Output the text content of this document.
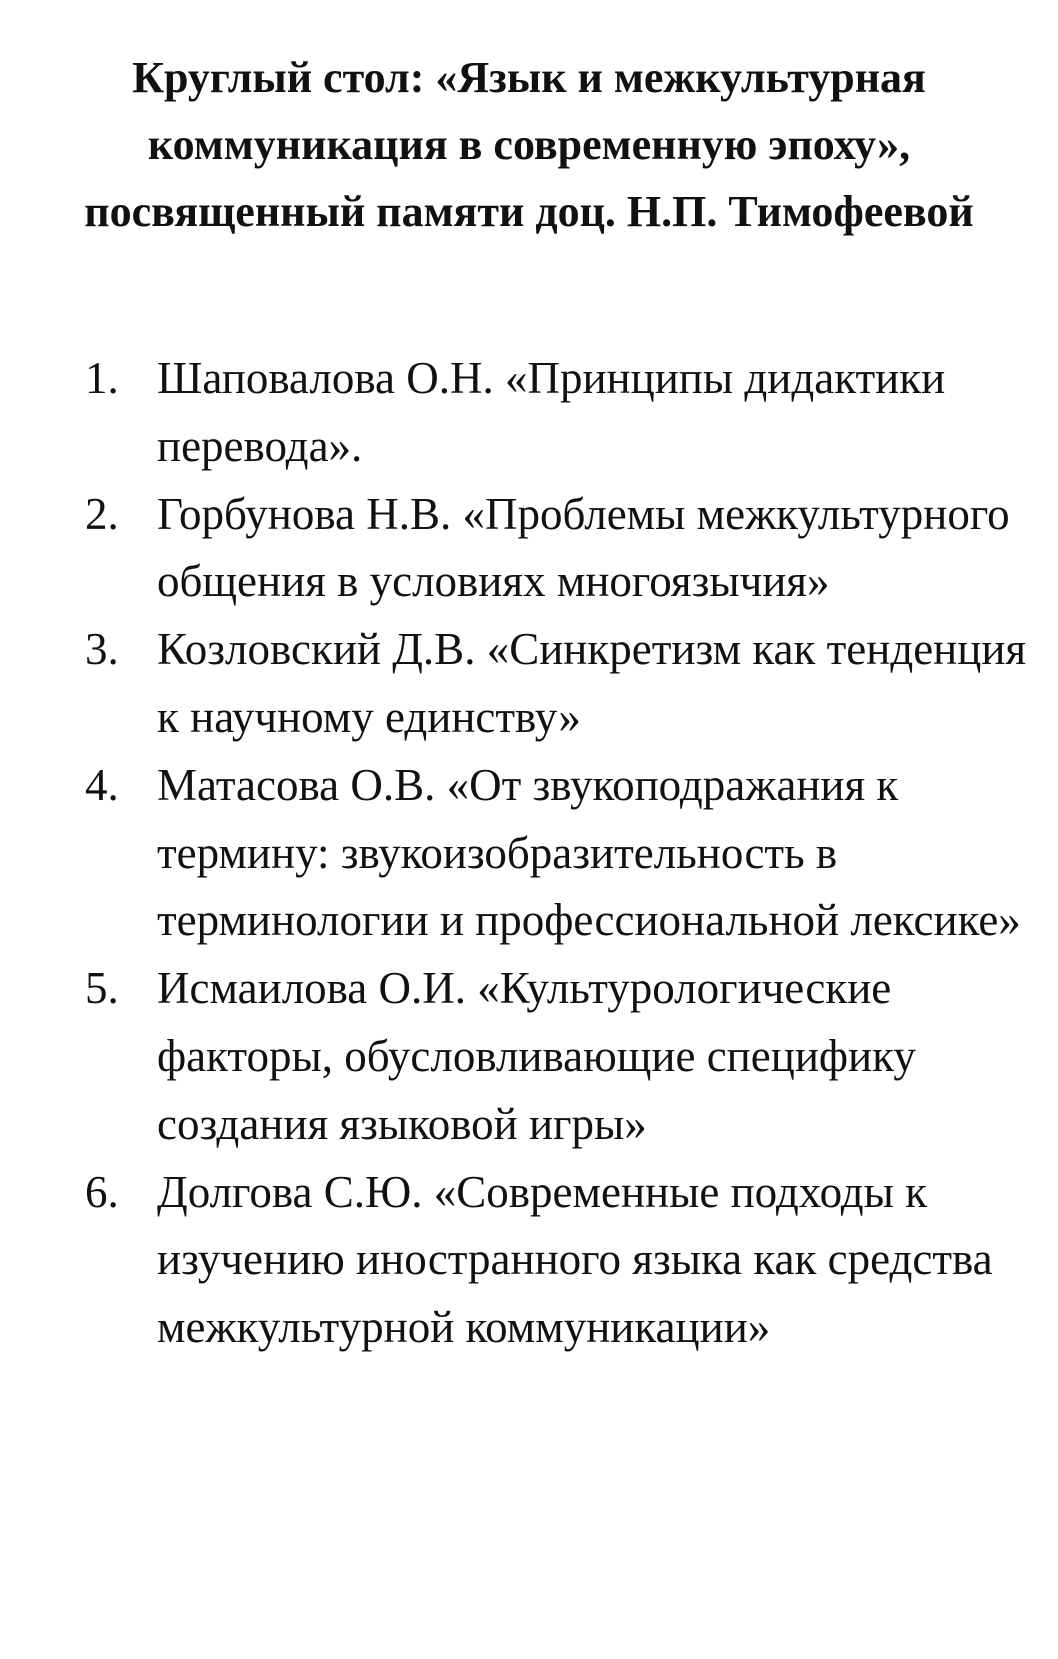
Круглый стол: «Язык и межкультурная коммуникация в современную эпоху», посвященный памяти доц. Н.П. Тимофеевой
1. Шаповалова О.Н. «Принципы дидактики перевода».
2. Горбунова Н.В. «Проблемы межкультурного общения в условиях многоязычия»
3. Козловский Д.В. «Синкретизм как тенденция к научному единству»
4. Матасова О.В. «От звукоподражания к термину: звукоизобразительность в терминологии и профессиональной лексике»
5. Исмаилова О.И. «Культурологические факторы, обусловливающие специфику создания языковой игры»
6. Долгова С.Ю. «Современные подходы к изучению иностранного языка как средства межкультурной коммуникации»
